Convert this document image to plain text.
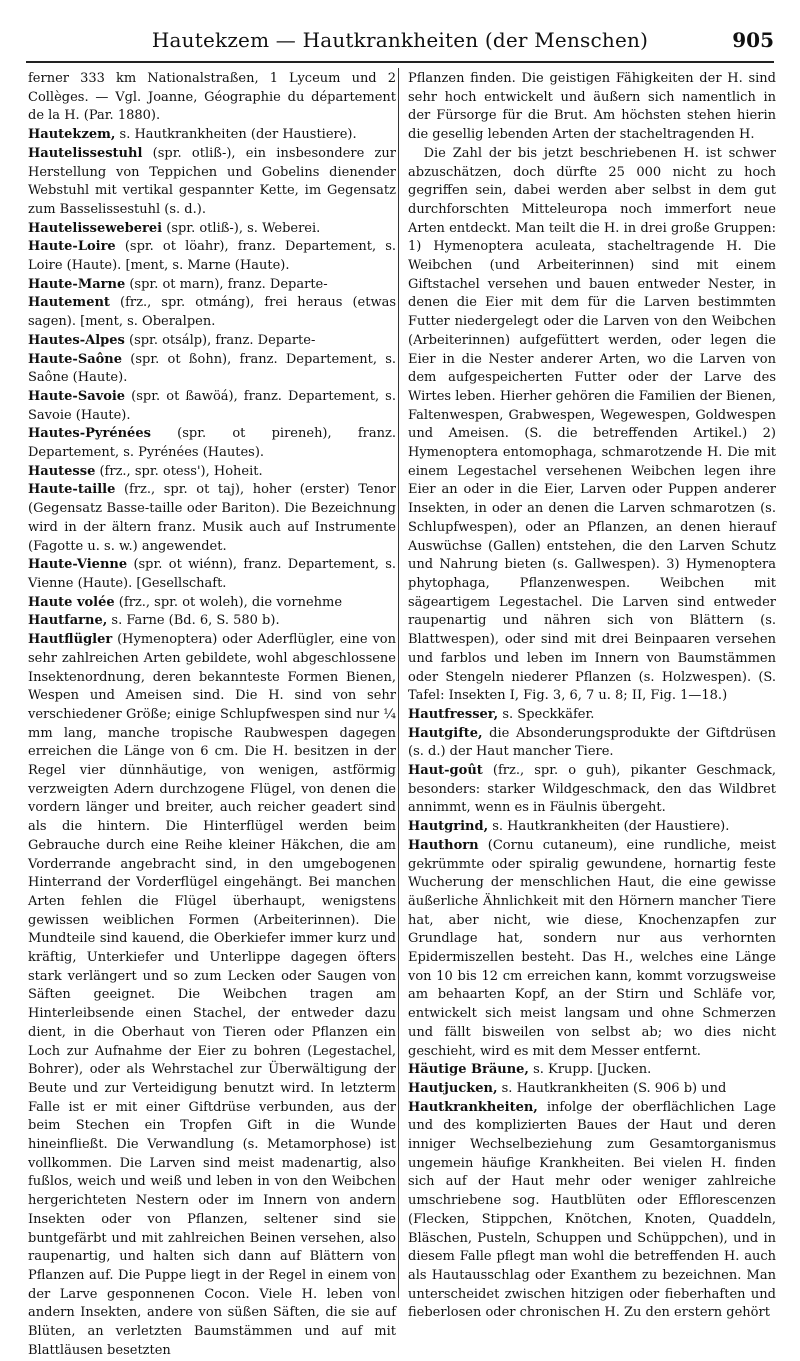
Hautekzem — Hautkrankheiten (der Menschen)	905

ferner 333 km Nationalstraßen, 1 Lyceum und 2 Collèges. — Vgl. Joanne, Géographie du département de la H. (Par. 1880).

Hautekzem, s. Hautkrankheiten (der Haustiere).

Hautelissestuhl (spr. otliß-), ein insbesondere zur Herstellung von Teppichen und Gobelins dienender Webstuhl mit vertikal gespannter Kette, im Gegensatz zum Basselissestuhl (s. d.).

Hautelisseweberei (spr. otliß-), s. Weberei.

Haute-Loire (spr. ot löahr), franz. Departement, s. Loire (Haute). [ment, s. Marne (Haute).

Haute-Marne (spr. ot marn), franz. Departe-

Hautement (frz., spr. otmáng), frei heraus (etwas sagen). [ment, s. Oberalpen.

Hautes-Alpes (spr. otsálp), franz. Departe-

Haute-Saône (spr. ot ßohn), franz. Departement, s. Saône (Haute).

Haute-Savoie (spr. ot ßawöá), franz. Departement, s. Savoie (Haute).

Hautes-Pyrénées (spr. ot pireneh), franz. Departement, s. Pyrénées (Hautes).

Hautesse (frz., spr. otess'), Hoheit.

Haute-taille (frz., spr. ot taj), hoher (erster) Tenor (Gegensatz Basse-taille oder Bariton). Die Bezeichnung wird in der ältern franz. Musik auch auf Instrumente (Fagotte u. s. w.) angewendet.

Haute-Vienne (spr. ot wiénn), franz. Departement, s. Vienne (Haute). [Gesellschaft.

Haute volée (frz., spr. ot woleh), die vornehme

Hautfarne, s. Farne (Bd. 6, S. 580 b).

Hautflügler (Hymenoptera) oder Aderflügler, eine von sehr zahlreichen Arten gebildete, wohl abgeschlossene Insektenordnung, deren bekannteste Formen Bienen, Wespen und Ameisen sind. Die H. sind von sehr verschiedener Größe; einige Schlupfwespen sind nur ¼ mm lang, manche tropische Raubwespen dagegen erreichen die Länge von 6 cm. Die H. besitzen in der Regel vier dünnhäutige, von wenigen, astförmig verzweigten Adern durchzogene Flügel, von denen die vordern länger und breiter, auch reicher geadert sind als die hintern. Die Hinterflügel werden beim Gebrauche durch eine Reihe kleiner Häkchen, die am Vorderrande angebracht sind, in den umgebogenen Hinterrand der Vorderflügel eingehängt. Bei manchen Arten fehlen die Flügel überhaupt, wenigstens gewissen weiblichen Formen (Arbeiterinnen). Die Mundteile sind kauend, die Oberkiefer immer kurz und kräftig, Unterkiefer und Unterlippe dagegen öfters stark verlängert und so zum Lecken oder Saugen von Säften geeignet. Die Weibchen tragen am Hinterleibsende einen Stachel, der entweder dazu dient, in die Oberhaut von Tieren oder Pflanzen ein Loch zur Aufnahme der Eier zu bohren (Legestachel, Bohrer), oder als Wehrstachel zur Überwältigung der Beute und zur Verteidigung benutzt wird. In letzterm Falle ist er mit einer Giftdrüse verbunden, aus der beim Stechen ein Tropfen Gift in die Wunde hineinfließt. Die Verwandlung (s. Metamorphose) ist vollkommen. Die Larven sind meist madenartig, also fußlos, weich und weiß und leben in von den Weibchen hergerichteten Nestern oder im Innern von andern Insekten oder von Pflanzen, seltener sind sie buntgefärbt und mit zahlreichen Beinen versehen, also raupenartig, und halten sich dann auf Blättern von Pflanzen auf. Die Puppe liegt in der Regel in einem von der Larve gesponnenen Cocon. Viele H. leben von andern Insekten, andere von süßen Säften, die sie auf Blüten, an verletzten Baumstämmen und auf mit Blattläusen besetzten

Pflanzen finden. Die geistigen Fähigkeiten der H. sind sehr hoch entwickelt und äußern sich namentlich in der Fürsorge für die Brut. Am höchsten stehen hierin die gesellig lebenden Arten der stacheltragenden H.

Die Zahl der bis jetzt beschriebenen H. ist schwer abzuschätzen, doch dürfte 25 000 nicht zu hoch gegriffen sein, dabei werden aber selbst in dem gut durchforschten Mitteleuropa noch immerfort neue Arten entdeckt. Man teilt die H. in drei große Gruppen: 1) Hymenoptera aculeata, stacheltragende H. Die Weibchen (und Arbeiterinnen) sind mit einem Giftstachel versehen und bauen entweder Nester, in denen die Eier mit dem für die Larven bestimmten Futter niedergelegt oder die Larven von den Weibchen (Arbeiterinnen) aufgefüttert werden, oder legen die Eier in die Nester anderer Arten, wo die Larven von dem aufgespeicherten Futter oder der Larve des Wirtes leben. Hierher gehören die Familien der Bienen, Faltenwespen, Grabwespen, Wegewespen, Goldwespen und Ameisen. (S. die betreffenden Artikel.) 2) Hymenoptera entomophaga, schmarotzende H. Die mit einem Legestachel versehenen Weibchen legen ihre Eier an oder in die Eier, Larven oder Puppen anderer Insekten, in oder an denen die Larven schmarotzen (s. Schlupfwespen), oder an Pflanzen, an denen hierauf Auswüchse (Gallen) entstehen, die den Larven Schutz und Nahrung bieten (s. Gallwespen). 3) Hymenoptera phytophaga, Pflanzenwespen. Weibchen mit sägeartigem Legestachel. Die Larven sind entweder raupenartig und nähren sich von Blättern (s. Blattwespen), oder sind mit drei Beinpaaren versehen und farblos und leben im Innern von Baumstämmen oder Stengeln niederer Pflanzen (s. Holzwespen). (S. Tafel: Insekten I, Fig. 3, 6, 7 u. 8; II, Fig. 1—18.)

Hautfresser, s. Speckkäfer.

Hautgifte, die Absonderungsprodukte der Giftdrüsen (s. d.) der Haut mancher Tiere.

Haut-goût (frz., spr. o guh), pikanter Geschmack, besonders: starker Wildgeschmack, den das Wildbret annimmt, wenn es in Fäulnis übergeht.

Hautgrind, s. Hautkrankheiten (der Haustiere).

Hauthorn (Cornu cutaneum), eine rundliche, meist gekrümmte oder spiralig gewundene, hornartig feste Wucherung der menschlichen Haut, die eine gewisse äußerliche Ähnlichkeit mit den Hörnern mancher Tiere hat, aber nicht, wie diese, Knochenzapfen zur Grundlage hat, sondern nur aus verhornten Epidermiszellen besteht. Das H., welches eine Länge von 10 bis 12 cm erreichen kann, kommt vorzugsweise am behaarten Kopf, an der Stirn und Schläfe vor, entwickelt sich meist langsam und ohne Schmerzen und fällt bisweilen von selbst ab; wo dies nicht geschieht, wird es mit dem Messer entfernt.

Häutige Bräune, s. Krupp. [Jucken.

Hautjucken, s. Hautkrankheiten (S. 906 b) und

Hautkrankheiten, infolge der oberflächlichen Lage und des komplizierten Baues der Haut und deren inniger Wechselbeziehung zum Gesamtorganismus ungemein häufige Krankheiten. Bei vielen H. finden sich auf der Haut mehr oder weniger zahlreiche umschriebene sog. Hautblüten oder Efflorescenzen (Flecken, Stippchen, Knötchen, Knoten, Quaddeln, Bläschen, Pusteln, Schuppen und Schüppchen), und in diesem Falle pflegt man wohl die betreffenden H. auch als Hautausschlag oder Exanthem zu bezeichnen. Man unterscheidet zwischen hitzigen oder fieberhaften und fieberlosen oder chronischen H. Zu den erstern gehört
